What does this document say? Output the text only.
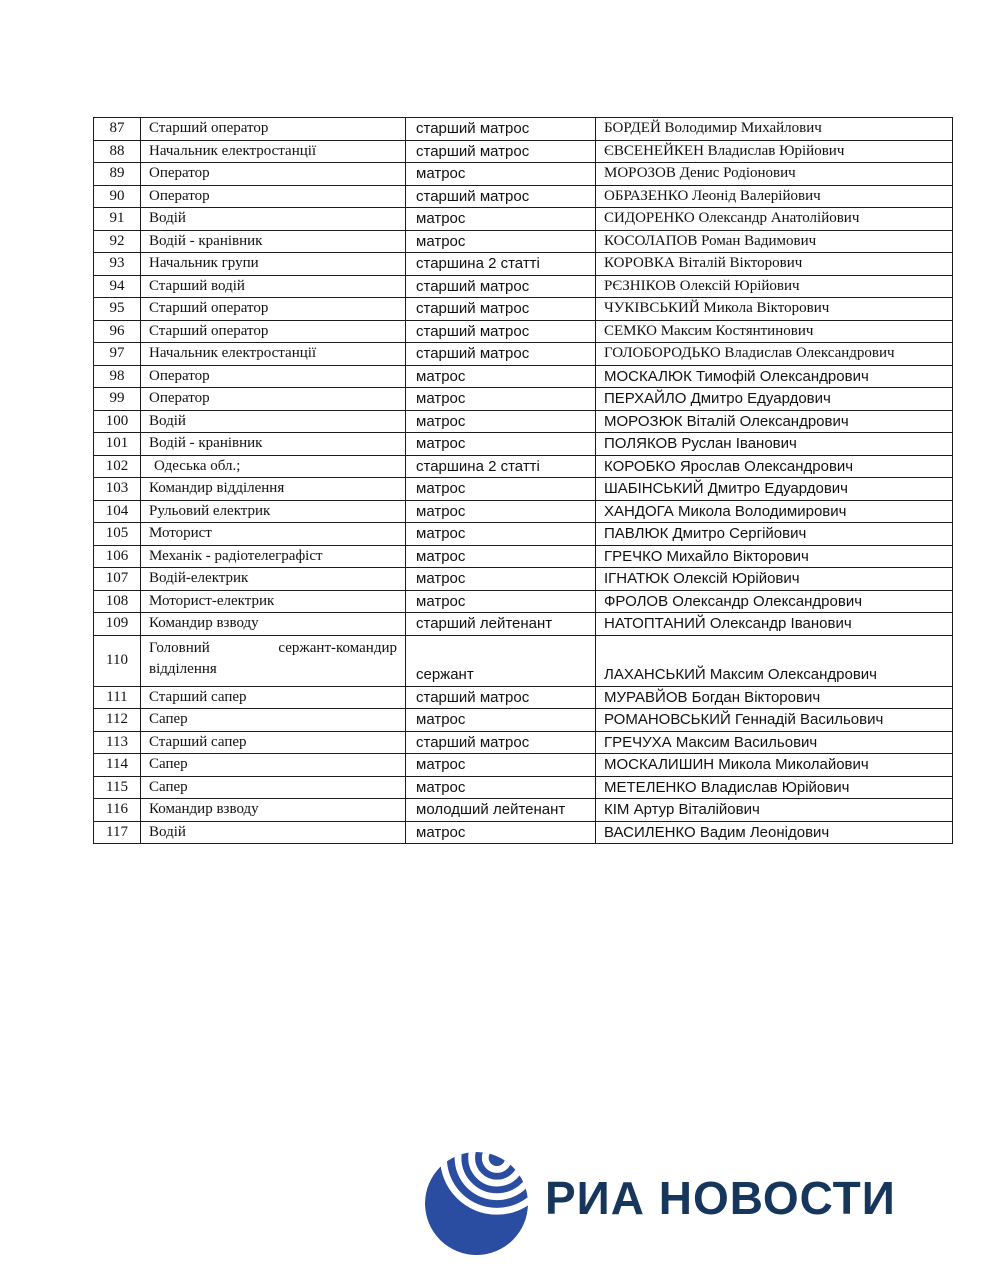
87	Старший оператор	старший матрос	БОРДЕЙ Володимир Михайлович
88	Начальник електростанції	старший матрос	ЄВСЕНЕЙКЕН Владислав Юрійович
89	Оператор	матрос	МОРОЗОВ Денис Родіонович
90	Оператор	старший матрос	ОБРАЗЕНКО Леонід Валерійович
91	Водій	матрос	СИДОРЕНКО Олександр Анатолійович
92	Водій - кранівник	матрос	КОСОЛАПОВ Роман Вадимович
93	Начальник групи	старшина 2 статті	КОРОВКА Віталій Вікторович
94	Старший водій	старший матрос	РЄЗНІКОВ Олексій Юрійович
95	Старший оператор	старший матрос	ЧУКІВСЬКИЙ Микола Вікторович
96	Старший оператор	старший матрос	СЕМКО Максим Костянтинович
97	Начальник електростанції	старший матрос	ГОЛОБОРОДЬКО Владислав Олександрович
98	Оператор	матрос	МОСКАЛЮК Тимофій Олександрович
99	Оператор	матрос	ПЕРХАЙЛО Дмитро Едуардович
100	Водій	матрос	МОРОЗЮК Віталій Олександрович
101	Водій - кранівник	матрос	ПОЛЯКОВ Руслан Іванович
102	Одеська обл.;	старшина 2 статті	КОРОБКО Ярослав Олександрович
103	Командир відділення	матрос	ШАБІНСЬКИЙ Дмитро Едуардович
104	Рульовий електрик	матрос	ХАНДОГА Микола Володимирович
105	Моторист	матрос	ПАВЛЮК Дмитро Сергійович
106	Механік - радіотелеграфіст	матрос	ГРЕЧКО Михайло Вікторович
107	Водій-електрик	матрос	ІГНАТЮК Олексій Юрійович
108	Моторист-електрик	матрос	ФРОЛОВ Олександр Олександрович
109	Командир взводу	старший лейтенант	НАТОПТАНИЙ Олександр Іванович
110	Головний сержант-командир відділення	сержант	ЛАХАНСЬКИЙ Максим Олександрович
111	Старший сапер	старший матрос	МУРАВЙОВ Богдан Вікторович
112	Сапер	матрос	РОМАНОВСЬКИЙ Геннадій Васильович
113	Старший сапер	старший матрос	ГРЕЧУХА Максим Васильович
114	Сапер	матрос	МОСКАЛИШИН Микола Миколайович
115	Сапер	матрос	МЕТЕЛЕНКО Владислав Юрійович
116	Командир взводу	молодший лейтенант	КІМ Артур Віталійович
117	Водій	матрос	ВАСИЛЕНКО Вадим Леонідович
РИА НОВОСТИ
